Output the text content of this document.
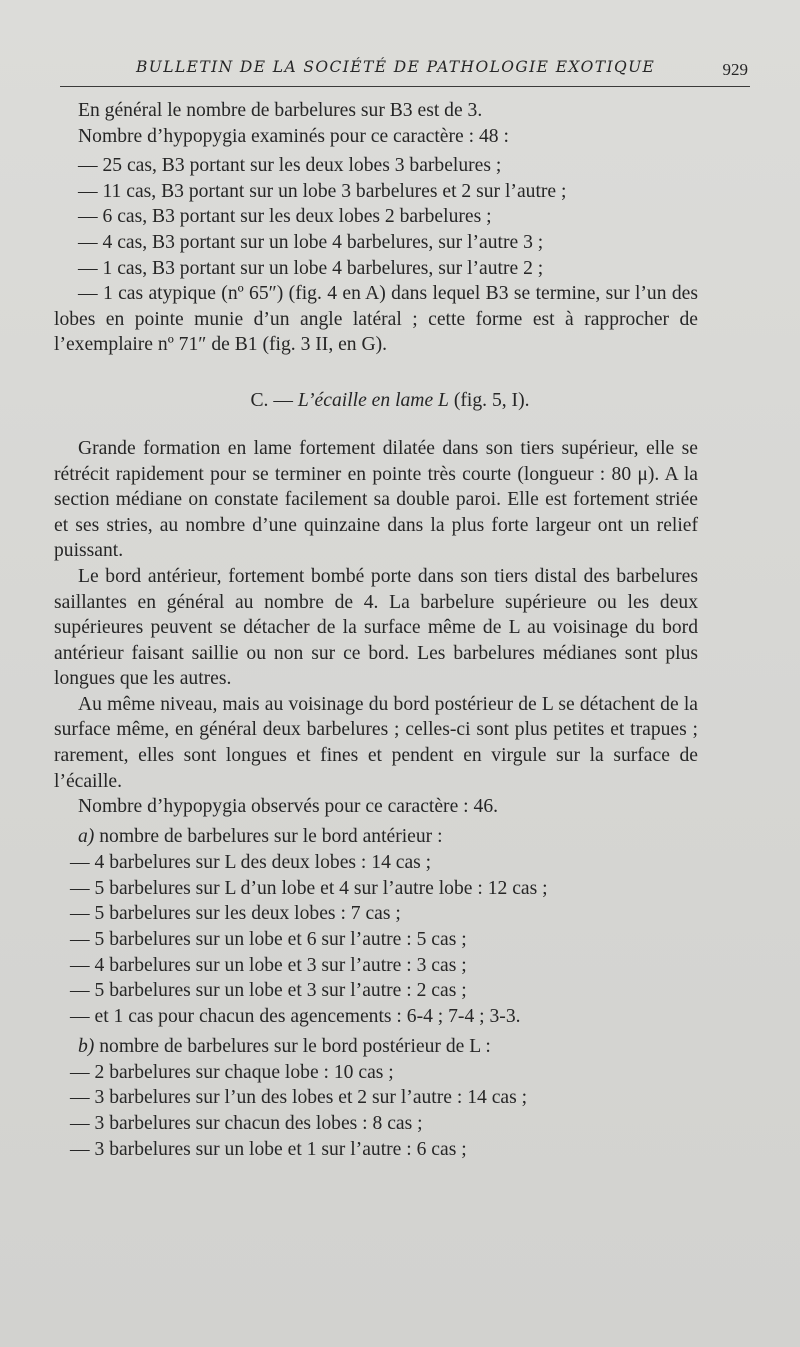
BULLETIN DE LA SOCIÉTÉ DE PATHOLOGIE EXOTIQUE	929

En général le nombre de barbelures sur B3 est de 3.

Nombre d’hypopygia examinés pour ce caractère : 48 :

— 25 cas, B3 portant sur les deux lobes 3 barbelures ;

— 11 cas, B3 portant sur un lobe 3 barbelures et 2 sur l’autre ;

— 6 cas, B3 portant sur les deux lobes 2 barbelures ;

— 4 cas, B3 portant sur un lobe 4 barbelures, sur l’autre 3 ;

— 1 cas, B3 portant sur un lobe 4 barbelures, sur l’autre 2 ;

— 1 cas atypique (nº 65″) (fig. 4 en A) dans lequel B3 se termine, sur l’un des lobes en pointe munie d’un angle latéral ; cette forme est à rapprocher de l’exemplaire nº 71″ de B1 (fig. 3 II, en G).

C. — L’écaille en lame L (fig. 5, I).

Grande formation en lame fortement dilatée dans son tiers supérieur, elle se rétrécit rapidement pour se terminer en pointe très courte (longueur : 80 μ). A la section médiane on constate facilement sa double paroi. Elle est fortement striée et ses stries, au nombre d’une quinzaine dans la plus forte largeur ont un relief puissant.

Le bord antérieur, fortement bombé porte dans son tiers distal des barbelures saillantes en général au nombre de 4. La barbelure supérieure ou les deux supérieures peuvent se détacher de la surface même de L au voisinage du bord antérieur faisant saillie ou non sur ce bord. Les barbelures médianes sont plus longues que les autres.

Au même niveau, mais au voisinage du bord postérieur de L se détachent de la surface même, en général deux barbelures ; celles-ci sont plus petites et trapues ; rarement, elles sont longues et fines et pendent en virgule sur la surface de l’écaille.

Nombre d’hypopygia observés pour ce caractère : 46.

a) nombre de barbelures sur le bord antérieur :
— 4 barbelures sur L des deux lobes : 14 cas ;
— 5 barbelures sur L d’un lobe et 4 sur l’autre lobe : 12 cas ;
— 5 barbelures sur les deux lobes : 7 cas ;
— 5 barbelures sur un lobe et 6 sur l’autre : 5 cas ;
— 4 barbelures sur un lobe et 3 sur l’autre : 3 cas ;
— 5 barbelures sur un lobe et 3 sur l’autre : 2 cas ;
— et 1 cas pour chacun des agencements : 6-4 ; 7-4 ; 3-3.
b) nombre de barbelures sur le bord postérieur de L :
— 2 barbelures sur chaque lobe : 10 cas ;
— 3 barbelures sur l’un des lobes et 2 sur l’autre : 14 cas ;
— 3 barbelures sur chacun des lobes : 8 cas ;
— 3 barbelures sur un lobe et 1 sur l’autre : 6 cas ;
